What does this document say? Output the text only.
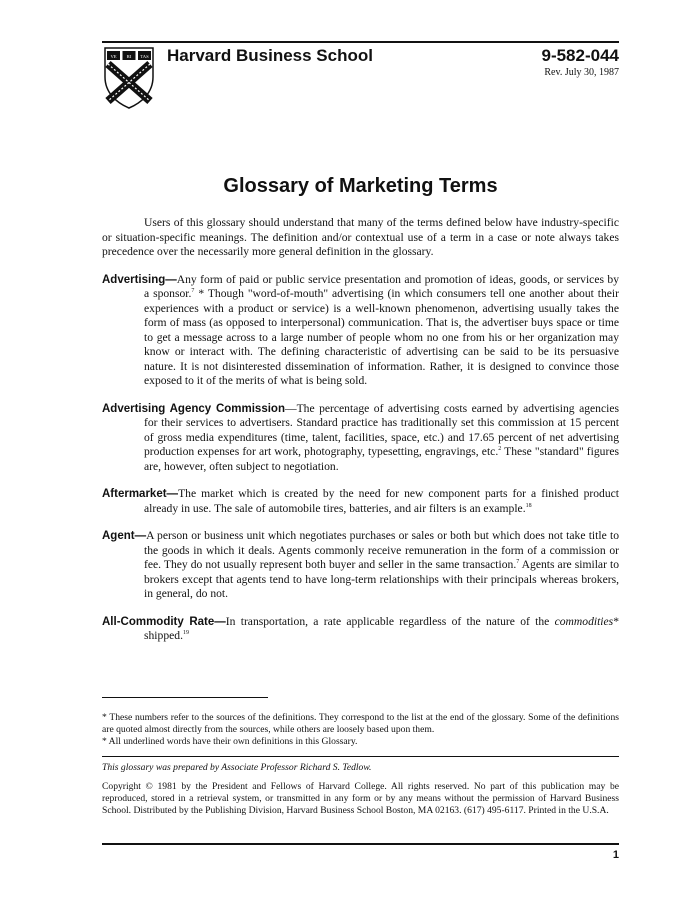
VE RI TAS Harvard Business School	9-582-044
Rev. July 30, 1987
Glossary of Marketing Terms

Users of this glossary should understand that many of the terms defined below have industry-specific or situation-specific meanings. The definition and/or contextual use of a term in a case or note always takes precedence over the necessarily more general definition in the glossary.

Advertising—Any form of paid or public service presentation and promotion of ideas, goods, or services by a sponsor.$^7$ * Though "word-of-mouth" advertising (in which consumers tell one another about their experiences with a product or service) is a well-known phenomenon, advertising usually takes the form of mass (as opposed to interpersonal) communication. That is, the advertiser buys space or time to get a message across to a large number of people whom no one from his or her organization may know or interact with. The defining characteristic of advertising can be said to be its persuasive nature. It is not disinterested dissemination of information. Rather, it is designed to convince those exposed to it of the merits of what is being sold.

Advertising Agency Commission—The percentage of advertising costs earned by advertising agencies for their services to advertisers. Standard practice has traditionally set this commission at 15 percent of gross media expenditures (time, talent, facilities, space, etc.) and 17.65 percent of net advertising production expenses for art work, photography, typesetting, engravings, etc.$^2$ These "standard" figures are, however, often subject to negotiation.

Aftermarket—The market which is created by the need for new component parts for a finished product already in use. The sale of automobile tires, batteries, and air filters is an example.$^{18}$

Agent—A person or business unit which negotiates purchases or sales or both but which does not take title to the goods in which it deals. Agents commonly receive remuneration in the form of a commission or fee. They do not usually represent both buyer and seller in the same transaction.$^7$ Agents are similar to brokers except that agents tend to have long-term relationships with their principals whereas brokers, in general, do not.

All-Commodity Rate—In transportation, a rate applicable regardless of the nature of the commodities* shipped.$^{19}$

* These numbers refer to the sources of the definitions. They correspond to the list at the end of the glossary. Some of the definitions are quoted almost directly from the sources, while others are loosely based upon them.

* All underlined words have their own definitions in this Glossary.

This glossary was prepared by Associate Professor Richard S. Tedlow.

Copyright © 1981 by the President and Fellows of Harvard College. All rights reserved. No part of this publication may be reproduced, stored in a retrieval system, or transmitted in any form or by any means without the permission of Harvard Business School. Distributed by the Publishing Division, Harvard Business School Boston, MA 02163. (617) 495-6117. Printed in the U.S.A.

1
